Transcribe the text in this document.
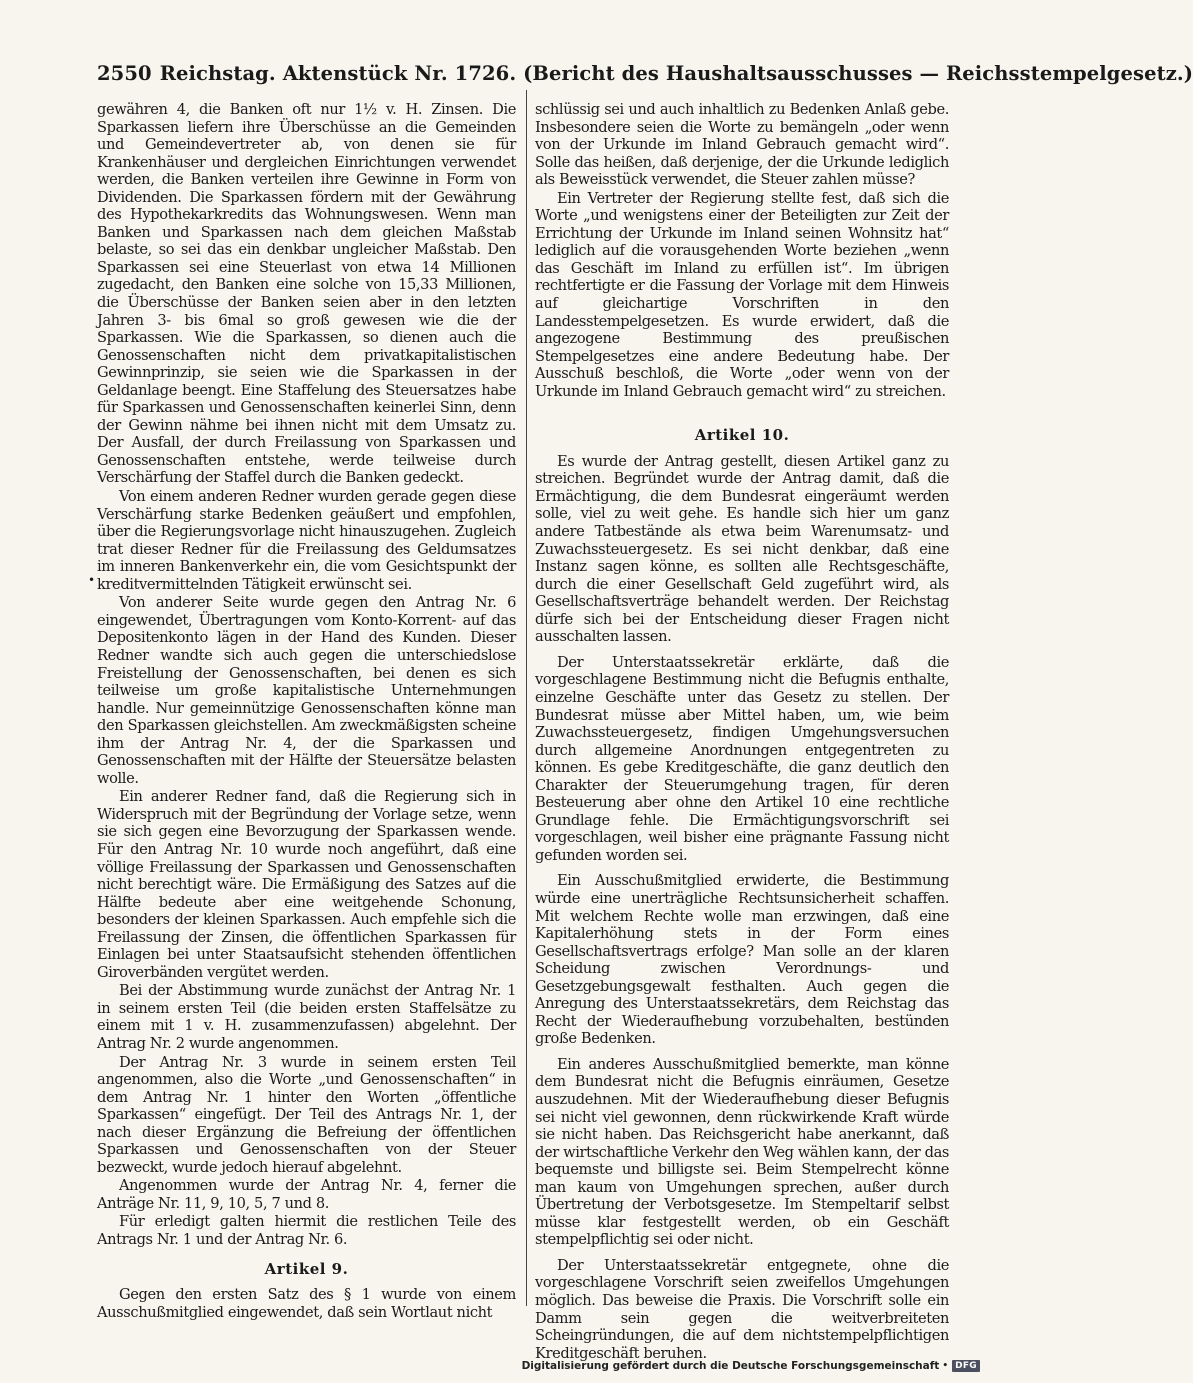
2550 Reichstag. Aktenstück Nr. 1726. (Bericht des Haushaltsausschusses — Reichsstempelgesetz.)
•

gewähren 4, die Banken oft nur 1½ v. H. Zinsen. Die Sparkassen liefern ihre Überschüsse an die Gemeinden und Gemeindevertreter ab, von denen sie für Krankenhäuser und dergleichen Einrichtungen verwendet werden, die Banken verteilen ihre Gewinne in Form von Dividenden. Die Sparkassen fördern mit der Gewährung des Hypothekarkredits das Wohnungswesen. Wenn man Banken und Sparkassen nach dem gleichen Maßstab belaste, so sei das ein denkbar ungleicher Maßstab. Den Sparkassen sei eine Steuerlast von etwa 14 Millionen zugedacht, den Banken eine solche von 15,33 Millionen, die Überschüsse der Banken seien aber in den letzten Jahren 3- bis 6mal so groß gewesen wie die der Sparkassen. Wie die Sparkassen, so dienen auch die Genossenschaften nicht dem privatkapitalistischen Gewinnprinzip, sie seien wie die Sparkassen in der Geldanlage beengt. Eine Staffelung des Steuersatzes habe für Sparkassen und Genossenschaften keinerlei Sinn, denn der Gewinn nähme bei ihnen nicht mit dem Umsatz zu. Der Ausfall, der durch Freilassung von Sparkassen und Genossenschaften entstehe, werde teilweise durch Verschärfung der Staffel durch die Banken gedeckt.

Von einem anderen Redner wurden gerade gegen diese Verschärfung starke Bedenken geäußert und empfohlen, über die Regierungsvorlage nicht hinauszugehen. Zugleich trat dieser Redner für die Freilassung des Geldumsatzes im inneren Bankenverkehr ein, die vom Gesichtspunkt der kreditvermittelnden Tätigkeit erwünscht sei.

Von anderer Seite wurde gegen den Antrag Nr. 6 eingewendet, Übertragungen vom Konto-Korrent- auf das Depositenkonto lägen in der Hand des Kunden. Dieser Redner wandte sich auch gegen die unterschiedslose Freistellung der Genossenschaften, bei denen es sich teilweise um große kapitalistische Unternehmungen handle. Nur gemeinnützige Genossenschaften könne man den Sparkassen gleichstellen. Am zweckmäßigsten scheine ihm der Antrag Nr. 4, der die Sparkassen und Genossenschaften mit der Hälfte der Steuersätze belasten wolle.

Ein anderer Redner fand, daß die Regierung sich in Widerspruch mit der Begründung der Vorlage setze, wenn sie sich gegen eine Bevorzugung der Sparkassen wende. Für den Antrag Nr. 10 wurde noch angeführt, daß eine völlige Freilassung der Sparkassen und Genossenschaften nicht berechtigt wäre. Die Ermäßigung des Satzes auf die Hälfte bedeute aber eine weitgehende Schonung, besonders der kleinen Sparkassen. Auch empfehle sich die Freilassung der Zinsen, die öffentlichen Sparkassen für Einlagen bei unter Staatsaufsicht stehenden öffentlichen Giroverbänden vergütet werden.

Bei der Abstimmung wurde zunächst der Antrag Nr. 1 in seinem ersten Teil (die beiden ersten Staffelsätze zu einem mit 1 v. H. zusammenzufassen) abgelehnt. Der Antrag Nr. 2 wurde angenommen.

Der Antrag Nr. 3 wurde in seinem ersten Teil angenommen, also die Worte „und Genossenschaften“ in dem Antrag Nr. 1 hinter den Worten „öffentliche Sparkassen“ eingefügt. Der Teil des Antrags Nr. 1, der nach dieser Ergänzung die Befreiung der öffentlichen Sparkassen und Genossenschaften von der Steuer bezweckt, wurde jedoch hierauf abgelehnt.

Angenommen wurde der Antrag Nr. 4, ferner die Anträge Nr. 11, 9, 10, 5, 7 und 8.

Für erledigt galten hiermit die restlichen Teile des Antrags Nr. 1 und der Antrag Nr. 6.

Artikel 9.

Gegen den ersten Satz des § 1 wurde von einem Ausschußmitglied eingewendet, daß sein Wortlaut nicht

schlüssig sei und auch inhaltlich zu Bedenken Anlaß gebe. Insbesondere seien die Worte zu bemängeln „oder wenn von der Urkunde im Inland Gebrauch gemacht wird“. Solle das heißen, daß derjenige, der die Urkunde lediglich als Beweisstück verwendet, die Steuer zahlen müsse?

Ein Vertreter der Regierung stellte fest, daß sich die Worte „und wenigstens einer der Beteiligten zur Zeit der Errichtung der Urkunde im Inland seinen Wohnsitz hat“ lediglich auf die vorausgehenden Worte beziehen „wenn das Geschäft im Inland zu erfüllen ist“. Im übrigen rechtfertigte er die Fassung der Vorlage mit dem Hinweis auf gleichartige Vorschriften in den Landesstempelgesetzen. Es wurde erwidert, daß die angezogene Bestimmung des preußischen Stempelgesetzes eine andere Bedeutung habe. Der Ausschuß beschloß, die Worte „oder wenn von der Urkunde im Inland Gebrauch gemacht wird“ zu streichen.

Artikel 10.

Es wurde der Antrag gestellt, diesen Artikel ganz zu streichen. Begründet wurde der Antrag damit, daß die Ermächtigung, die dem Bundesrat eingeräumt werden solle, viel zu weit gehe. Es handle sich hier um ganz andere Tatbestände als etwa beim Warenumsatz- und Zuwachssteuergesetz. Es sei nicht denkbar, daß eine Instanz sagen könne, es sollten alle Rechtsgeschäfte, durch die einer Gesellschaft Geld zugeführt wird, als Gesellschaftsverträge behandelt werden. Der Reichstag dürfe sich bei der Entscheidung dieser Fragen nicht ausschalten lassen.

Der Unterstaatssekretär erklärte, daß die vorgeschlagene Bestimmung nicht die Befugnis enthalte, einzelne Geschäfte unter das Gesetz zu stellen. Der Bundesrat müsse aber Mittel haben, um, wie beim Zuwachssteuergesetz, findigen Umgehungsversuchen durch allgemeine Anordnungen entgegentreten zu können. Es gebe Kreditgeschäfte, die ganz deutlich den Charakter der Steuerumgehung tragen, für deren Besteuerung aber ohne den Artikel 10 eine rechtliche Grundlage fehle. Die Ermächtigungsvorschrift sei vorgeschlagen, weil bisher eine prägnante Fassung nicht gefunden worden sei.

Ein Ausschußmitglied erwiderte, die Bestimmung würde eine unerträgliche Rechtsunsicherheit schaffen. Mit welchem Rechte wolle man erzwingen, daß eine Kapitalerhöhung stets in der Form eines Gesellschaftsvertrags erfolge? Man solle an der klaren Scheidung zwischen Verordnungs- und Gesetzgebungsgewalt festhalten. Auch gegen die Anregung des Unterstaatssekretärs, dem Reichstag das Recht der Wiederaufhebung vorzubehalten, bestünden große Bedenken.

Ein anderes Ausschußmitglied bemerkte, man könne dem Bundesrat nicht die Befugnis einräumen, Gesetze auszudehnen. Mit der Wiederaufhebung dieser Befugnis sei nicht viel gewonnen, denn rückwirkende Kraft würde sie nicht haben. Das Reichsgericht habe anerkannt, daß der wirtschaftliche Verkehr den Weg wählen kann, der das bequemste und billigste sei. Beim Stempelrecht könne man kaum von Umgehungen sprechen, außer durch Übertretung der Verbotsgesetze. Im Stempeltarif selbst müsse klar festgestellt werden, ob ein Geschäft stempelpflichtig sei oder nicht.

Der Unterstaatssekretär entgegnete, ohne die vorgeschlagene Vorschrift seien zweifellos Umgehungen möglich. Das beweise die Praxis. Die Vorschrift solle ein Damm sein gegen die weitverbreiteten Scheingründungen, die auf dem nichtstempelpflichtigen Kreditgeschäft beruhen.

Digitalisierung gefördert durch die Deutsche Forschungsgemeinschaft • DFG
